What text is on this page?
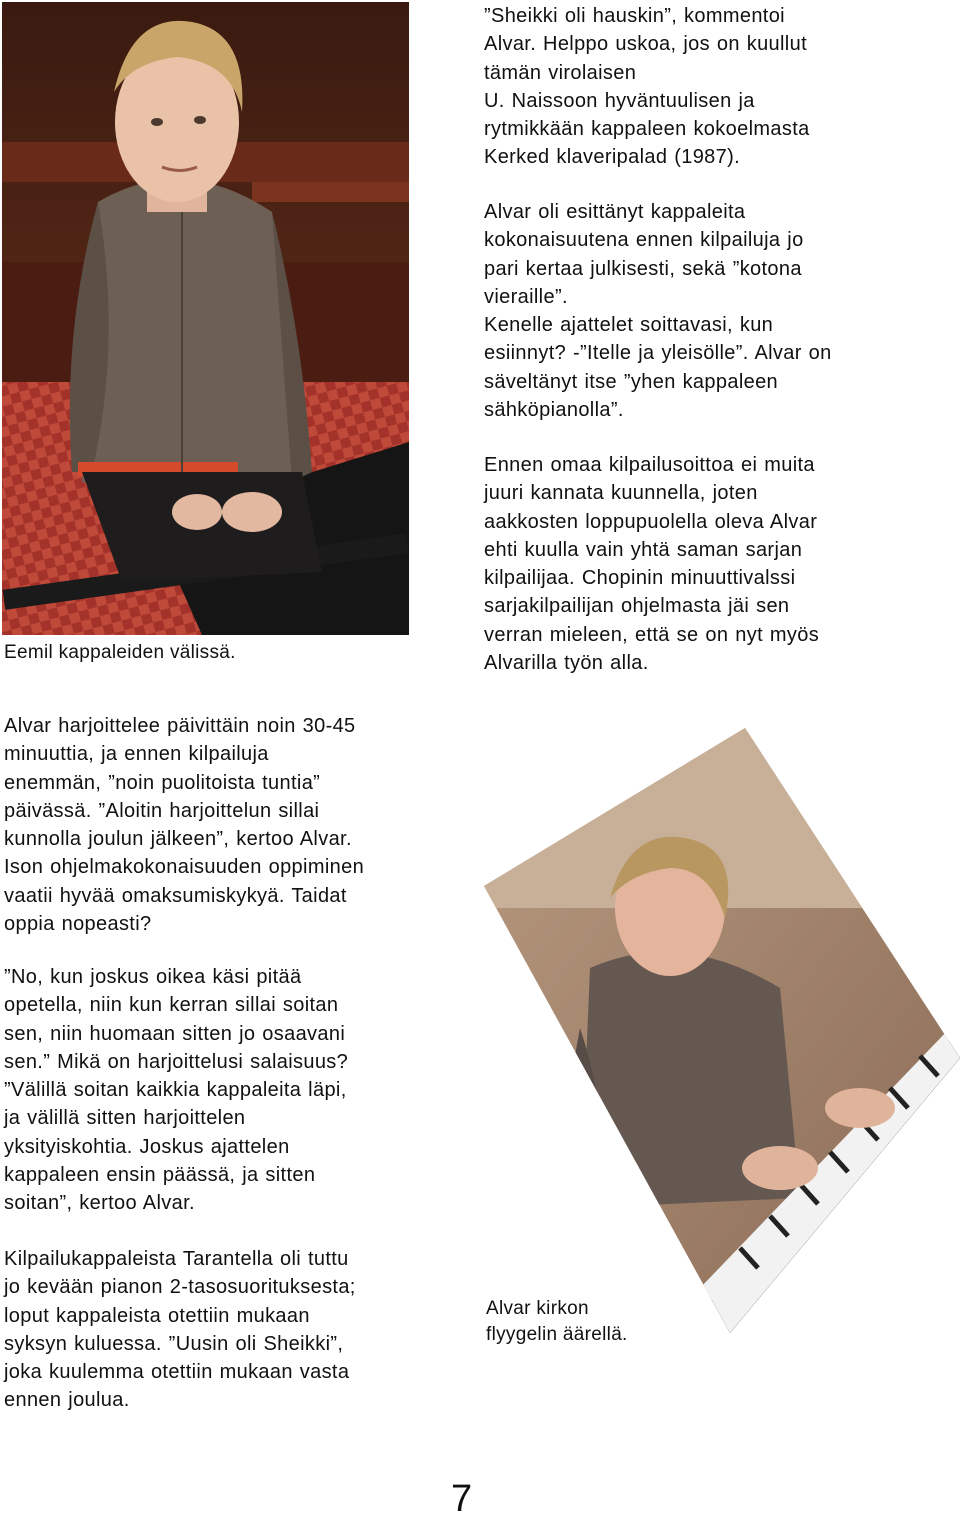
Eemil kappaleiden välissä.

”Sheikki oli hauskin”, kommentoi
Alvar. Helppo uskoa, jos on kuullut
tämän virolaisen
U. Naissoon hyväntuulisen ja
rytmikkään kappaleen kokoelmasta
Kerked klaveripalad (1987).

Alvar oli esittänyt kappaleita
kokonaisuutena ennen kilpailuja jo
pari kertaa julkisesti, sekä ”kotona
vieraille”.
Kenelle ajattelet soittavasi, kun
esiinnyt? -”Itelle ja yleisölle”. Alvar on
säveltänyt itse ”yhen kappaleen
sähköpianolla”.

Ennen omaa kilpailusoittoa ei muita
juuri kannata kuunnella, joten
aakkosten loppupuolella oleva Alvar
ehti kuulla vain yhtä saman sarjan
kilpailijaa. Chopinin minuuttivalssi
sarjakilpailijan ohjelmasta jäi sen
verran mieleen, että se on nyt myös
Alvarilla työn alla.

Alvar harjoittelee päivittäin noin 30-45
minuuttia, ja ennen kilpailuja
enemmän, ”noin puolitoista tuntia”
päivässä. ”Aloitin harjoittelun sillai
kunnolla joulun jälkeen”, kertoo Alvar.
Ison ohjelmakokonaisuuden oppiminen
vaatii hyvää omaksumiskykyä. Taidat
oppia nopeasti?

”No, kun joskus oikea käsi pitää
opetella, niin kun kerran sillai soitan
sen, niin huomaan sitten jo osaavani
sen.” Mikä on harjoittelusi salaisuus?
”Välillä soitan kaikkia kappaleita läpi,
ja välillä sitten harjoittelen
yksityiskohtia. Joskus ajattelen
kappaleen ensin päässä, ja sitten
soitan”, kertoo Alvar.

Kilpailukappaleista Tarantella oli tuttu
jo kevään pianon 2-tasosuorituksesta;
loput kappaleista otettiin mukaan
syksyn kuluessa. ”Uusin oli Sheikki”,
joka kuulemma otettiin mukaan vasta
ennen joulua.

Alvar kirkon
flyygelin äärellä.

7
